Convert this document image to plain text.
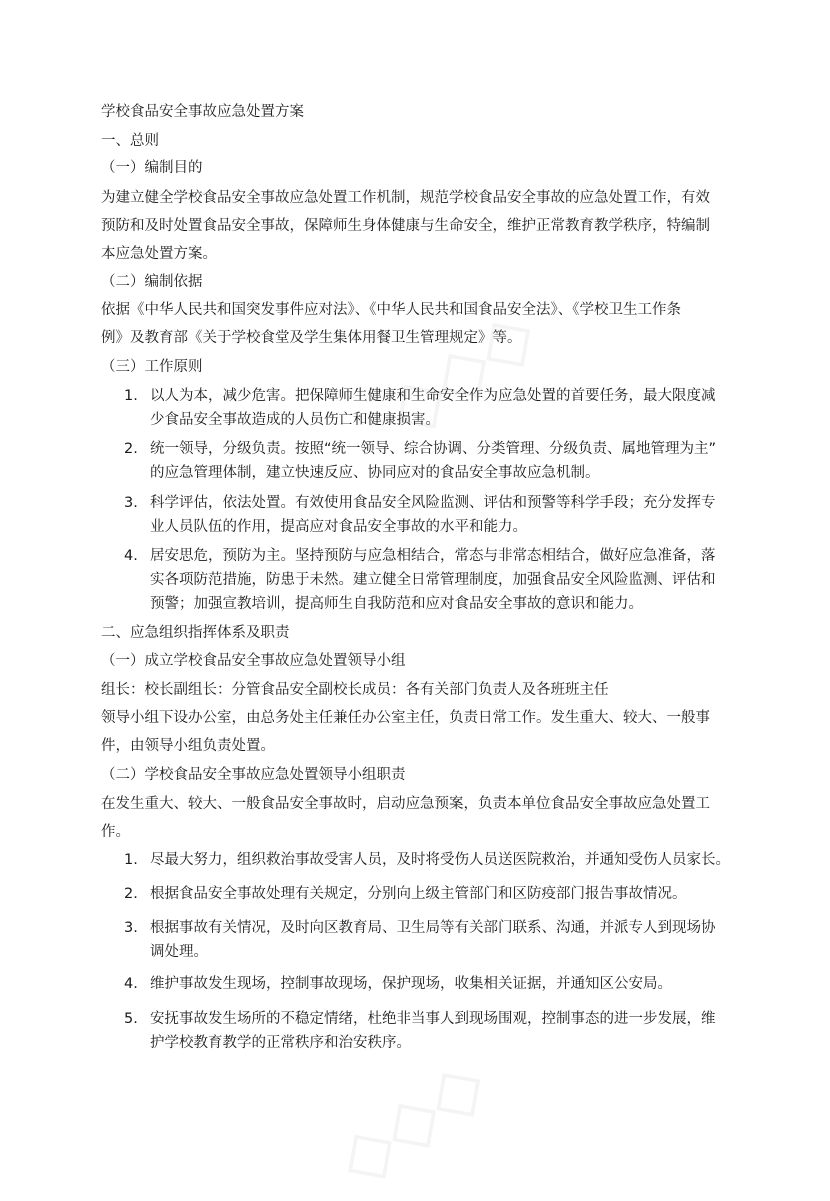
学校食品安全事故应急处置方案
一、总则
（一）编制目的
为建立健全学校食品安全事故应急处置工作机制，规范学校食品安全事故的应急处置工作，有效
预防和及时处置食品安全事故，保障师生身体健康与生命安全，维护正常教育教学秩序，特编制
本应急处置方案。
（二）编制依据
依据《中华人民共和国突发事件应对法》、《中华人民共和国食品安全法》、《学校卫生工作条
例》及教育部《关于学校食堂及学生集体用餐卫生管理规定》等。
（三）工作原则
1. 以人为本，减少危害。把保障师生健康和生命安全作为应急处置的首要任务，最大限度减
少食品安全事故造成的人员伤亡和健康损害。
2. 统一领导，分级负责。按照“统一领导、综合协调、分类管理、分级负责、属地管理为主”
的应急管理体制，建立快速反应、协同应对的食品安全事故应急机制。
3. 科学评估，依法处置。有效使用食品安全风险监测、评估和预警等科学手段；充分发挥专
业人员队伍的作用，提高应对食品安全事故的水平和能力。
4. 居安思危，预防为主。坚持预防与应急相结合，常态与非常态相结合，做好应急准备，落
实各项防范措施，防患于未然。建立健全日常管理制度，加强食品安全风险监测、评估和
预警；加强宣教培训，提高师生自我防范和应对食品安全事故的意识和能力。
二、应急组织指挥体系及职责
（一）成立学校食品安全事故应急处置领导小组
组长：校长副组长：分管食品安全副校长成员：各有关部门负责人及各班班主任
领导小组下设办公室，由总务处主任兼任办公室主任，负责日常工作。发生重大、较大、一般事
件，由领导小组负责处置。
（二）学校食品安全事故应急处置领导小组职责
在发生重大、较大、一般食品安全事故时，启动应急预案，负责本单位食品安全事故应急处置工
作。
1. 尽最大努力，组织救治事故受害人员，及时将受伤人员送医院救治，并通知受伤人员家长。
2. 根据食品安全事故处理有关规定，分别向上级主管部门和区防疫部门报告事故情况。
3. 根据事故有关情况，及时向区教育局、卫生局等有关部门联系、沟通，并派专人到现场协
调处理。
4. 维护事故发生现场，控制事故现场，保护现场，收集相关证据，并通知区公安局。
5. 安抚事故发生场所的不稳定情绪，杜绝非当事人到现场围观，控制事态的进一步发展，维
护学校教育教学的正常秩序和治安秩序。
